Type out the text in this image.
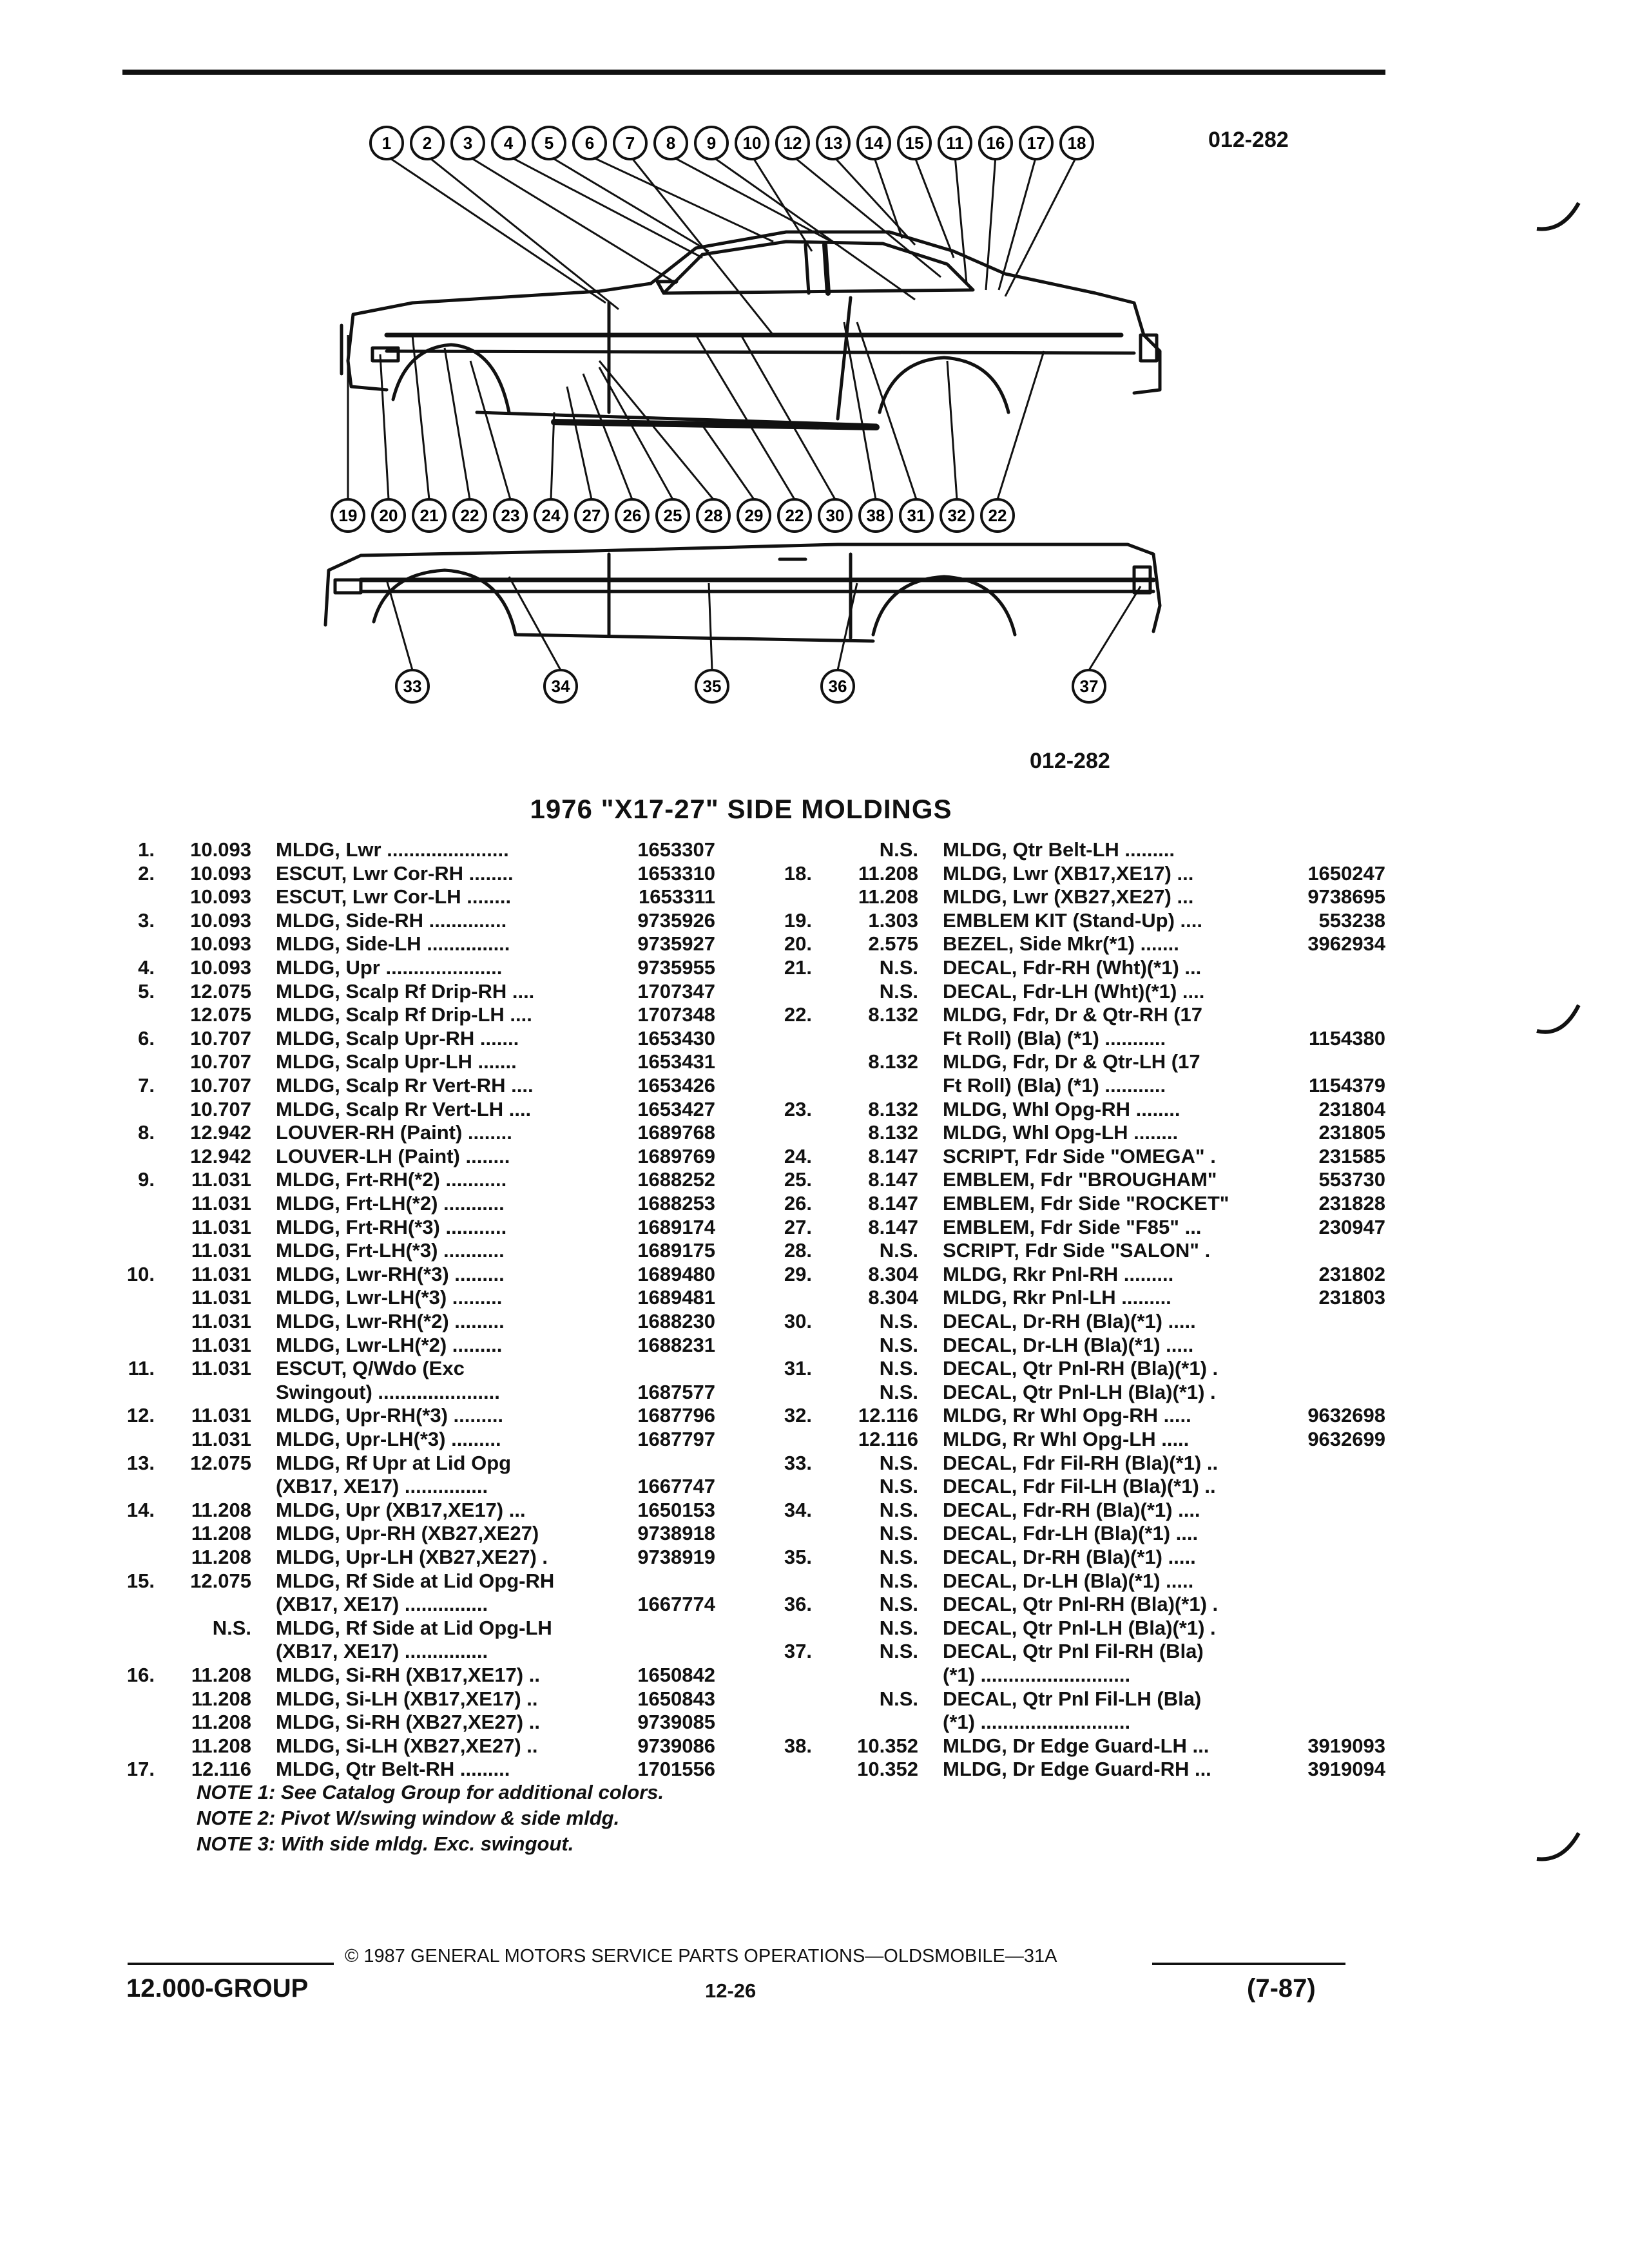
1 2 3 4 5 6 7 8 9 10 12 13 14 15 11 16 17 18
19 20 21 22 23 24 27 26 25 28 29 22 30 38 31 32 22
33	34	35	36	37
012-282
012-282
1976 "X17-27" SIDE MOLDINGS
1.	10.093 MLDG, Lwr ......................	1653307
2.	10.093 ESCUT, Lwr Cor-RH ........	1653310
10.093 ESCUT, Lwr Cor-LH ........	1653311
3.	10.093 MLDG, Side-RH ..............	9735926
10.093 MLDG, Side-LH ...............	9735927
4.	10.093 MLDG, Upr .....................	9735955
5.	12.075 MLDG, Scalp Rf Drip-RH ....	1707347
12.075 MLDG, Scalp Rf Drip-LH ....	1707348
6.	10.707 MLDG, Scalp Upr-RH .......	1653430
10.707 MLDG, Scalp Upr-LH .......	1653431
7.	10.707 MLDG, Scalp Rr Vert-RH ....	1653426
10.707 MLDG, Scalp Rr Vert-LH ....	1653427
8.	12.942 LOUVER-RH (Paint) ........	1689768
12.942 LOUVER-LH (Paint) ........	1689769
9.	11.031 MLDG, Frt-RH(*2) ...........	1688252
11.031 MLDG, Frt-LH(*2) ...........	1688253
11.031 MLDG, Frt-RH(*3) ...........	1689174
11.031 MLDG, Frt-LH(*3) ...........	1689175
10.	11.031 MLDG, Lwr-RH(*3) .........	1689480
11.031 MLDG, Lwr-LH(*3) .........	1689481
11.031 MLDG, Lwr-RH(*2) .........	1688230
11.031 MLDG, Lwr-LH(*2) .........	1688231
11.	11.031 ESCUT, Q/Wdo (Exc
Swingout) ......................	1687577
12.	11.031 MLDG, Upr-RH(*3) .........	1687796
11.031 MLDG, Upr-LH(*3) .........	1687797
13.	12.075 MLDG, Rf Upr at Lid Opg
(XB17, XE17) ...............	1667747
14.	11.208 MLDG, Upr (XB17,XE17) ...	1650153
11.208 MLDG, Upr-RH (XB27,XE27)	9738918
11.208 MLDG, Upr-LH (XB27,XE27) .	9738919
15.	12.075 MLDG, Rf Side at Lid Opg-RH
(XB17, XE17) ...............	1667774
N.S. MLDG, Rf Side at Lid Opg-LH
(XB17, XE17) ...............
16.	11.208 MLDG, Si-RH (XB17,XE17) ..	1650842
11.208 MLDG, Si-LH (XB17,XE17) ..	1650843
11.208 MLDG, Si-RH (XB27,XE27) ..	9739085
11.208 MLDG, Si-LH (XB27,XE27) ..	9739086
17.	12.116 MLDG, Qtr Belt-RH .........	1701556
N.S. MLDG, Qtr Belt-LH .........
18.	11.208 MLDG, Lwr (XB17,XE17) ...	1650247
11.208 MLDG, Lwr (XB27,XE27) ...	9738695
19.	1.303 EMBLEM KIT (Stand-Up) ....	553238
20.	2.575 BEZEL, Side Mkr(*1) .......	3962934
21.	N.S. DECAL, Fdr-RH (Wht)(*1) ...
N.S. DECAL, Fdr-LH (Wht)(*1) ....
22.	8.132 MLDG, Fdr, Dr & Qtr-RH (17
Ft Roll) (Bla) (*1) ...........	1154380
8.132 MLDG, Fdr, Dr & Qtr-LH (17
Ft Roll) (Bla) (*1) ...........	1154379
23.	8.132 MLDG, Whl Opg-RH ........	231804
8.132 MLDG, Whl Opg-LH ........	231805
24.	8.147 SCRIPT, Fdr Side "OMEGA" .	231585
25.	8.147 EMBLEM, Fdr "BROUGHAM"	553730
26.	8.147 EMBLEM, Fdr Side "ROCKET"	231828
27.	8.147 EMBLEM, Fdr Side "F85" ...	230947
28.	N.S. SCRIPT, Fdr Side "SALON" .
29.	8.304 MLDG, Rkr Pnl-RH .........	231802
8.304 MLDG, Rkr Pnl-LH .........	231803
30.	N.S. DECAL, Dr-RH (Bla)(*1) .....
N.S. DECAL, Dr-LH (Bla)(*1) .....
31.	N.S. DECAL, Qtr Pnl-RH (Bla)(*1) .
N.S. DECAL, Qtr Pnl-LH (Bla)(*1) .
32.	12.116 MLDG, Rr Whl Opg-RH .....	9632698
12.116 MLDG, Rr Whl Opg-LH .....	9632699
33.	N.S. DECAL, Fdr Fil-RH (Bla)(*1) ..
N.S. DECAL, Fdr Fil-LH (Bla)(*1) ..
34.	N.S. DECAL, Fdr-RH (Bla)(*1) ....
N.S. DECAL, Fdr-LH (Bla)(*1) ....
35.	N.S. DECAL, Dr-RH (Bla)(*1) .....
N.S. DECAL, Dr-LH (Bla)(*1) .....
36.	N.S. DECAL, Qtr Pnl-RH (Bla)(*1) .
N.S. DECAL, Qtr Pnl-LH (Bla)(*1) .
37.	N.S. DECAL, Qtr Pnl Fil-RH (Bla)
(*1) ...........................
N.S. DECAL, Qtr Pnl Fil-LH (Bla)
(*1) ...........................
38.	10.352 MLDG, Dr Edge Guard-LH ...	3919093
10.352 MLDG, Dr Edge Guard-RH ...	3919094
NOTE 1: See Catalog Group for additional colors.
NOTE 2: Pivot W/swing window & side mldg.
NOTE 3: With side mldg. Exc. swingout.
© 1987 GENERAL MOTORS SERVICE PARTS OPERATIONS—OLDSMOBILE—31A
12.000-GROUP	12-26	(7-87)
